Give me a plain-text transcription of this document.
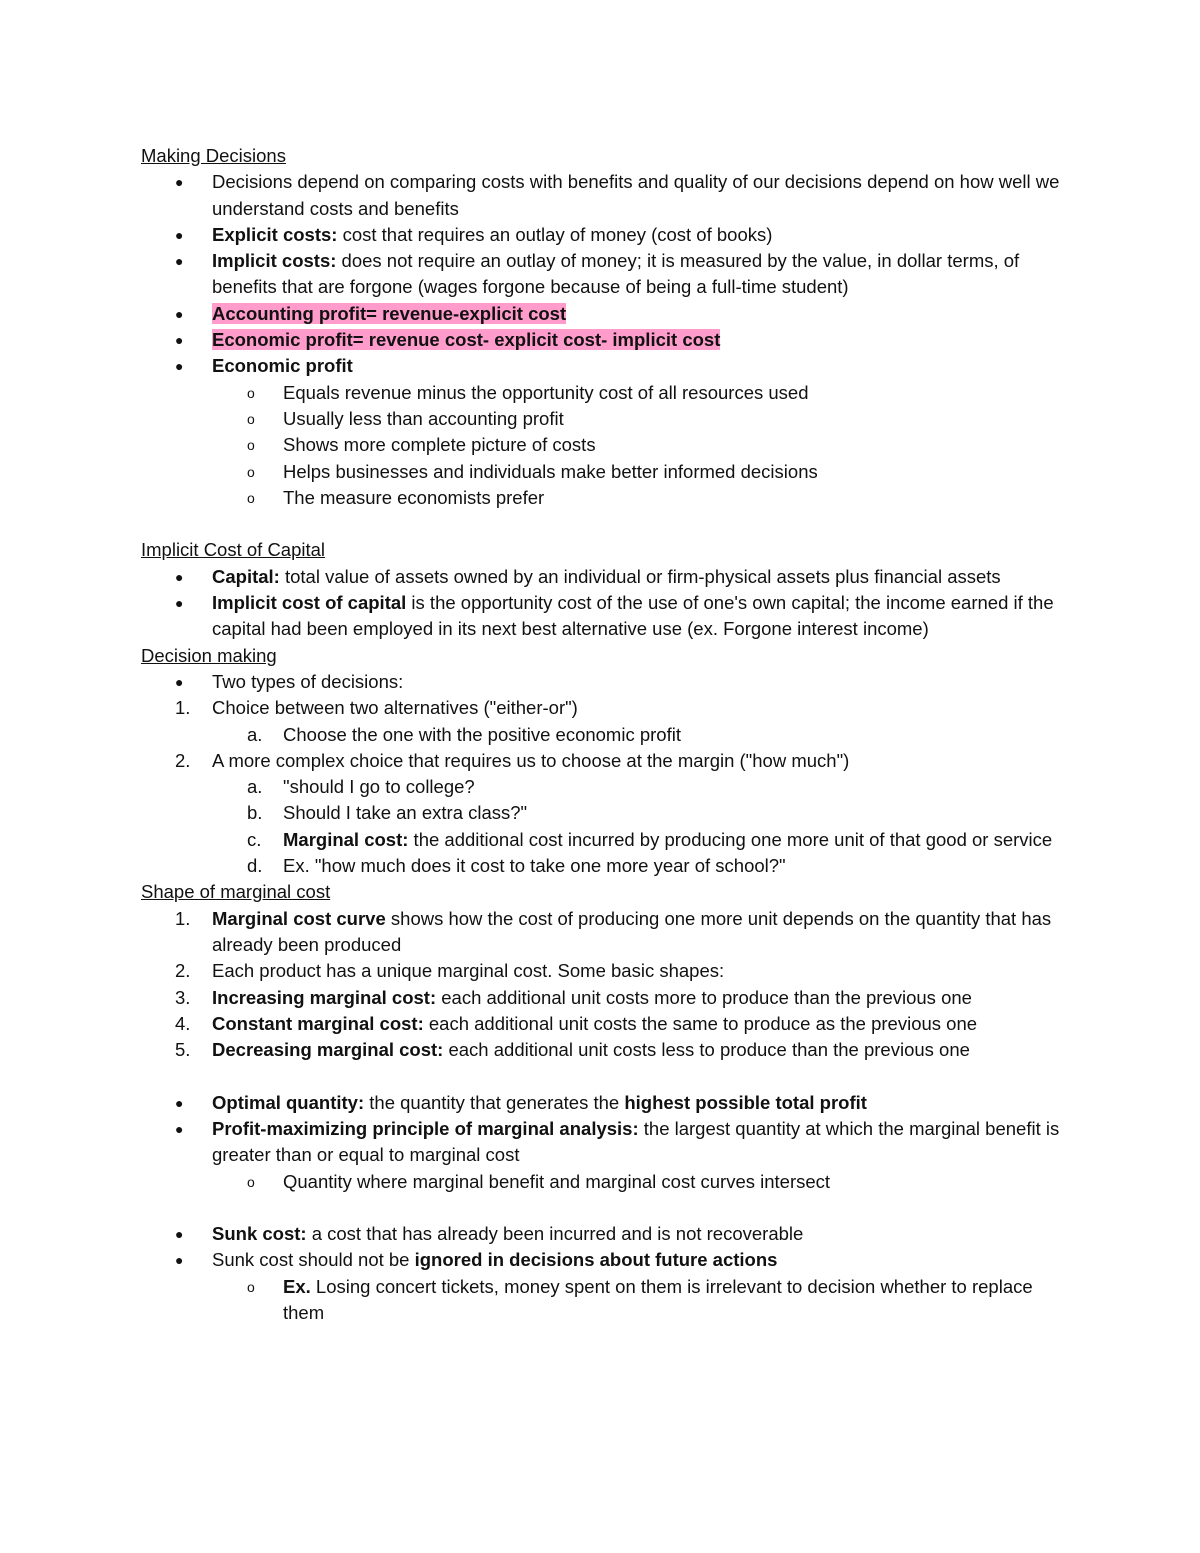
Making Decisions
● Decisions depend on comparing costs with benefits and quality of our decisions depend on how well we understand costs and benefits
● Explicit costs: cost that requires an outlay of money (cost of books)
● Implicit costs: does not require an outlay of money; it is measured by the value, in dollar terms, of benefits that are forgone (wages forgone because of being a full-time student)
● Accounting profit= revenue-explicit cost
● Economic profit= revenue cost- explicit cost- implicit cost
● Economic profit
o Equals revenue minus the opportunity cost of all resources used
o Usually less than accounting profit
o Shows more complete picture of costs
o Helps businesses and individuals make better informed decisions
o The measure economists prefer
Implicit Cost of Capital
● Capital: total value of assets owned by an individual or firm-physical assets plus financial assets
● Implicit cost of capital is the opportunity cost of the use of one's own capital; the income earned if the capital had been employed in its next best alternative use (ex. Forgone interest income)
Decision making
● Two types of decisions:
1. Choice between two alternatives ("either-or")
a. Choose the one with the positive economic profit
2. A more complex choice that requires us to choose at the margin ("how much")
a. "should I go to college?
b. Should I take an extra class?"
c. Marginal cost: the additional cost incurred by producing one more unit of that good or service
d. Ex. "how much does it cost to take one more year of school?"
Shape of marginal cost
1. Marginal cost curve shows how the cost of producing one more unit depends on the quantity that has already been produced
2. Each product has a unique marginal cost. Some basic shapes:
3. Increasing marginal cost: each additional unit costs more to produce than the previous one
4. Constant marginal cost: each additional unit costs the same to produce as the previous one
5. Decreasing marginal cost: each additional unit costs less to produce than the previous one
● Optimal quantity: the quantity that generates the highest possible total profit
● Profit-maximizing principle of marginal analysis: the largest quantity at which the marginal benefit is greater than or equal to marginal cost
o Quantity where marginal benefit and marginal cost curves intersect
● Sunk cost: a cost that has already been incurred and is not recoverable
● Sunk cost should not be ignored in decisions about future actions
o Ex. Losing concert tickets, money spent on them is irrelevant to decision whether to replace them
